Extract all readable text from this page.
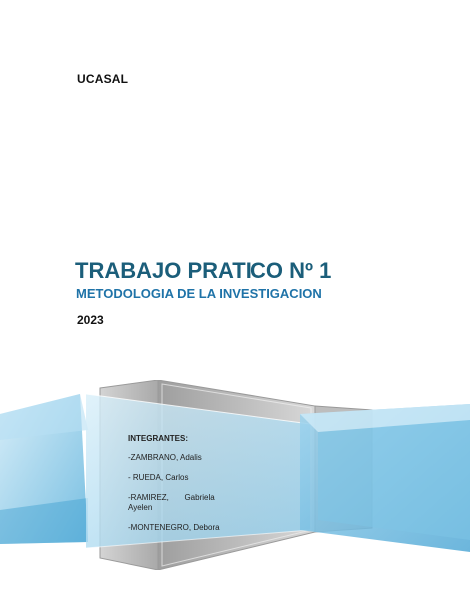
UCASAL
TRABAJO PRATI
CO Nº 1
METODOLOGIA DE LA INVESTIGACION
2023
INTEGRANTES:
-ZAMBRANO, Adalis
- RUEDA, Carlos
-RAMIREZ,       Gabriela Ayelen
-MONTENEGRO, Debora
